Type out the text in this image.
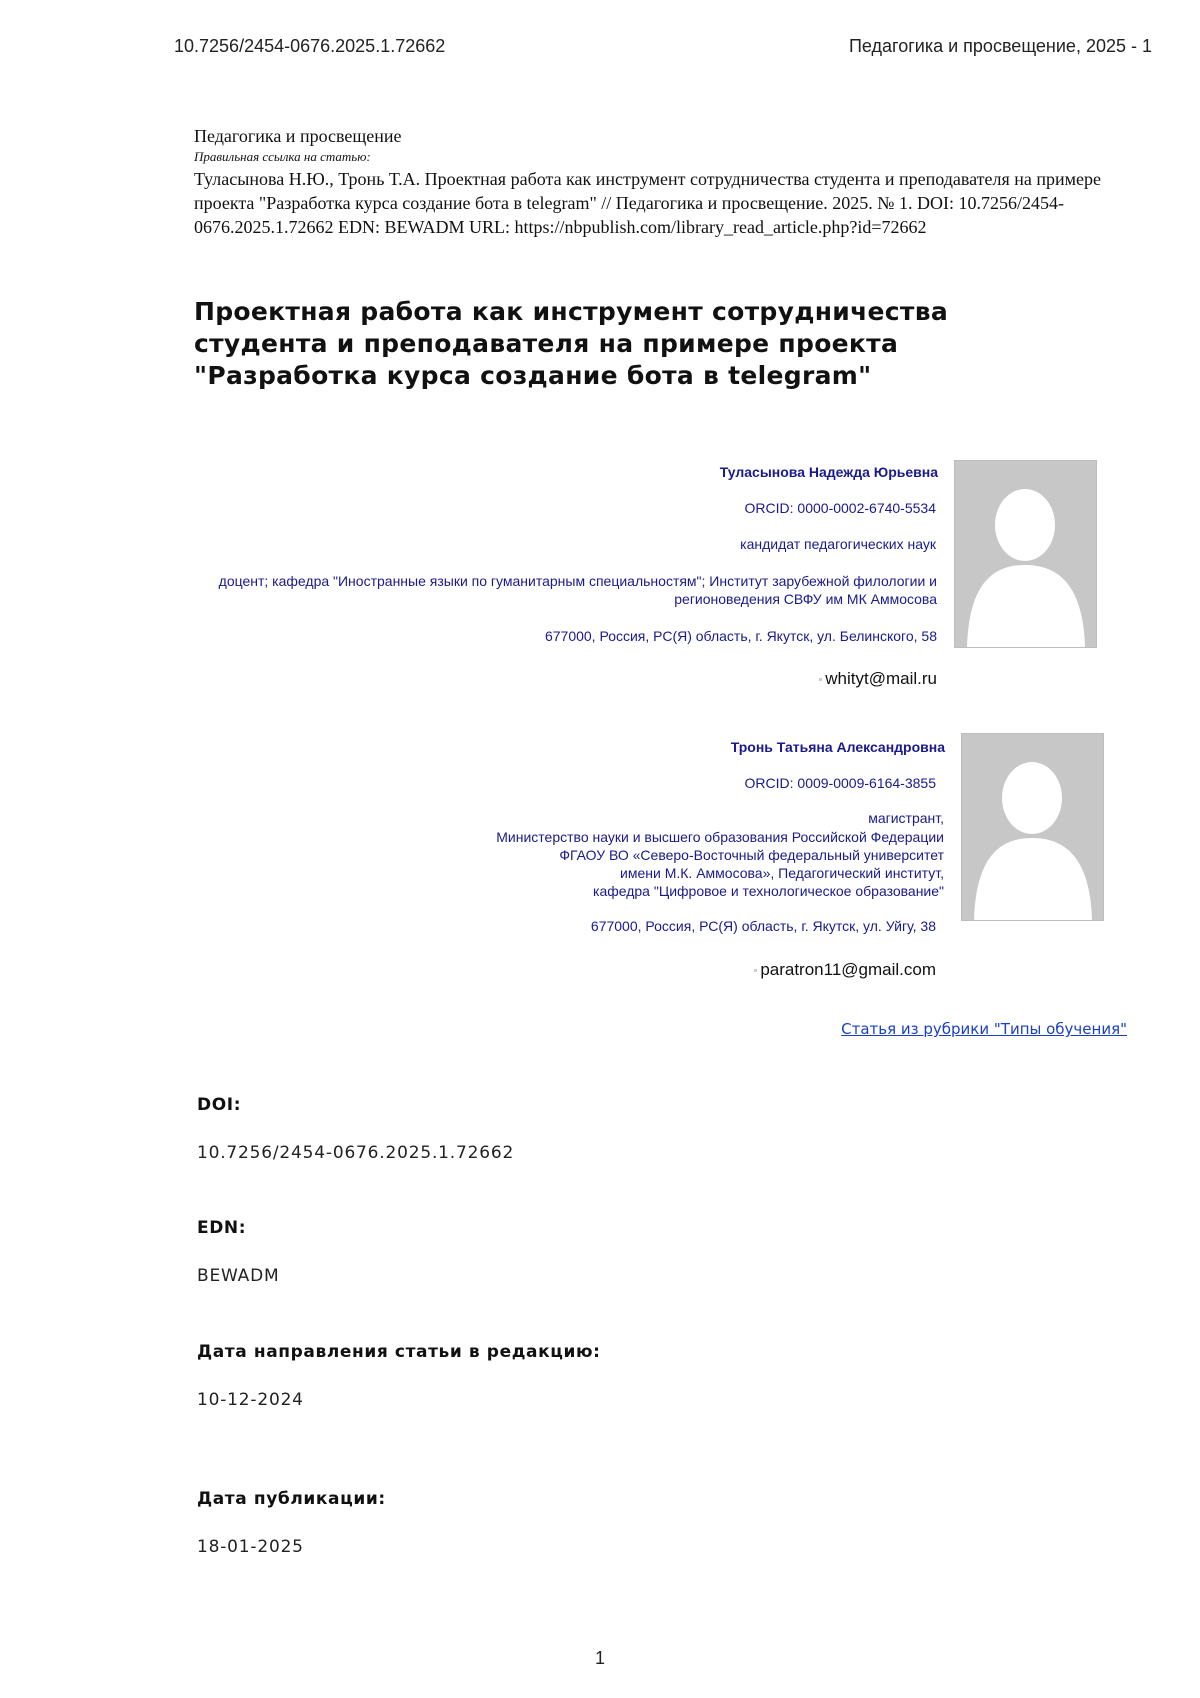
10.7256/2454-0676.2025.1.72662	Педагогика и просвещение, 2025 - 1
Педагогика и просвещение
Правильная ссылка на статью:
Туласынова Н.Ю., Тронь Т.А. Проектная работа как инструмент сотрудничества студента и преподавателя на примере проекта "Разработка курса создание бота в telegram" // Педагогика и просвещение. 2025. № 1. DOI: 10.7256/2454-0676.2025.1.72662 EDN: BEWADM URL: https://nbpublish.com/library_read_article.php?id=72662
Проектная работа как инструмент сотрудничества студента и преподавателя на примере проекта "Разработка курса создание бота в telegram"
Туласынова Надежда Юрьевна
ORCID: 0000-0002-6740-5534
кандидат педагогических наук
доцент; кафедра "Иностранные языки по гуманитарным специальностям"; Институт зарубежной филологии и регионоведения СВФУ им МК Аммосова
677000, Россия, РС(Я) область, г. Якутск, ул. Белинского, 58
whityt@mail.ru
Тронь Татьяна Александровна
ORCID: 0009-0009-6164-3855
магистрант,
Министерство науки и высшего образования Российской Федерации
ФГАОУ ВО «Северо-Восточный федеральный университет
имени М.К. Аммосова», Педагогический институт,
кафедра "Цифровое и технологическое образование"
677000, Россия, РС(Я) область, г. Якутск, ул. Уйгу, 38
paratron11@gmail.com
Статья из рубрики "Типы обучения"
DOI:
10.7256/2454-0676.2025.1.72662
EDN:
BEWADM
Дата направления статьи в редакцию:
10-12-2024
Дата публикации:
18-01-2025
1
